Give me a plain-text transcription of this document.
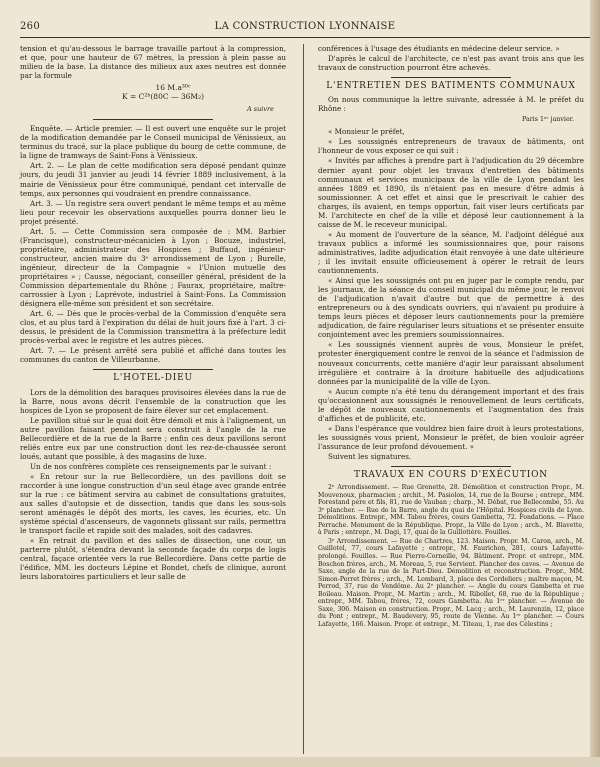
260	LA CONSTRUCTION LYONNAISE

tension et qu'au-dessous le barrage travaille partout à la compression, et que, pour une hauteur de 67 mètres, la pression à plein passe au milieu de la base. La distance des milieux aux axes neutres est donnée par la formule

16 M.a³⁰ᶜ
K = C²ᵇ(80C — 36M₂)
A suivre

Enquête. — Article premier. — Il est ouvert une enquête sur le projet de la modification demandée par le Conseil municipal de Vénissieux, au terminus du tracé, sur la place publique du bourg de cette commune, de la ligne de tramways de Saint-Fons à Vénissieux.

Art. 2. — Le plan de cette modification sera déposé pendant quinze jours, du jeudi 31 janvier au jeudi 14 février 1889 inclusivement, à la mairie de Vénissieux pour être communiqué, pendant cet intervalle de temps, aux personnes qui voudraient en prendre connaissance.

Art. 3. — Un registre sera ouvert pendant le même temps et au même lieu pour recevoir les observations auxquelles pourra donner lieu le projet présenté.

Art. 5. — Cette Commission sera composée de : MM. Barbier (Francisque), constructeur-mécanicien à Lyon ; Bocuze, industriel, propriétaire, administrateur des Hospices ; Buffaud, ingénieur-constructeur, ancien maire du 3ᵉ arrondissement de Lyon ; Burelle, ingénieur, directeur de la Compagnie « l'Union mutuelle des propriétaires » ; Causse, négociant, conseiller général, président de la Commission départementale du Rhône ; Faurax, propriétaire, maître-carrossier à Lyon ; Laprévote, industriel à Saint-Fons. La Commission désignera elle-même son président et son secrétaire.

Art. 6. — Dès que le procès-verbal de la Commission d'enquête sera clos, et au plus tard à l'expiration du délai de huit jours fixé à l'art. 3 ci-dessus, le président de la Commission transmettra à la préfecture ledit procès-verbal avec le registre et les autres pièces.

Art. 7. — Le présent arrêté sera publié et affiché dans toutes les communes du canton de Villeurbanne.

L'HOTEL-DIEU

Lors de la démolition des baraques provisoires élevées dans la rue de la Barre, nous avons décrit l'ensemble de la construction que les hospices de Lyon se proposent de faire élever sur cet emplacement.

Le pavillon situé sur le quai doit être démoli et mis à l'alignement, un autre pavillon faisant pendant sera construit à l'angle de la rue Bellecordière et de la rue de la Barre ; enfin ces deux pavillons seront reliés entre eux par une construction dont les rez-de-chaussée seront loués, autant que possible, à des magasins de luxe.

Un de nos confrères complète ces renseignements par le suivant :

« En retour sur la rue Bellecordière, un des pavillons doit se raccorder à une longue construction d'un seul étage avec grande entrée sur la rue : ce bâtiment servira au cabinet de consultations gratuites, aux salles d'autopsie et de dissection, tandis que dans les sous-sols seront aménagés le dépôt des morts, les caves, les écuries, etc. Un système spécial d'ascenseurs, de vagonnets glissant sur rails, permettra le transport facile et rapide soit des malades, soit des cadavres.

« En retrait du pavillon et des salles de dissection, une cour, un parterre plutôt, s'étendra devant la seconde façade du corps de logis central, façace orientée vers la rue Bellecordière. Dans cette partie de l'édifice, MM. les docteurs Lépine et Bondet, chefs de clinique, auront leurs laboratoires particuliers et leur salle de

conférences à l'usage des étudiants en médecine deleur service. »

D'après le calcul de l'architecte, ce n'est pas avant trois ans que les travaux de construction pourront être achevés.

L'ENTRETIEN DES BATIMENTS COMMUNAUX

On nous communique la lettre suivante, adressée à M. le préfet du Rhône :

Paris 1ᵉʳ janvier.

« Monsieur le préfet,

« Les soussignés entrepreneurs de travaux de bâtiments, ont l'honneur de vous exposer ce qui suit :

« Invités par affiches à prendre part à l'adjudication du 29 décembre dernier ayant pour objet les travaux d'entretien des bâtiments communaux et services municipaux de la ville de Lyon pendant les années 1889 et 1890, ils n'étaient pas en mesure d'être admis à soumissionner. A cet effet et ainsi que le prescrivait le cahier des charges, ils avaient, en temps opportun, fait viser leurs certificats par M. l'architecte en chef de la ville et déposé leur cautionnement à la caisse de M. le receveur municipal.

« Au moment de l'ouverture de la séance, M. l'adjoint délégué aux travaux publics a informé les soumissionnaires que, pour raisons administratives, ladite adjudication était renvoyée à une date ultérieure ; il les invitait ensuite officieusement à opérer le retrait de leurs cautionnements.

« Ainsi que les soussignés ont pu en juger par le compte rendu, par les journaux, de la séance du conseil municipal du même jour, le renvoi de l'adjudication n'avait d'autre but que de permettre à des entrepreneurs ou à des syndicats ouvriers, qui n'avaient pu produire à temps leurs pièces et déposer leurs cautionnements pour la première adjudication, de faire régulariser leurs situations et se présenter ensuite conjointement avec les premiers soumissionnaires.

« Les soussignés viennent auprès de vous, Monsieur le préfet, protester énergiquement contre le renvoi de la séance et l'admission de nouveaux concurrents, cette manière d'agir leur paraissant absolument irrégulière et contraire à la droiture habituelle des adjudications données par la municipalité de la ville de Lyon.

« Aucun compte n'a été tenu du dérangement important et des frais qu'occasionnent aux soussignés le renouvellement de leurs certificats, le dépôt de nouveaux cautionnements et l'augmentation des frais d'affiches et de publicité, etc.

« Dans l'espérance que vouldrez bien faire droit à leurs protestations, les soussignés vous prient, Monsieur le préfet, de bien vouloir agréer l'assurance de leur profond dévouement. »

Suivent les signatures.

TRAVAUX EN COURS D'EXÉCUTION

2ᵉ Arrondissement. — Rue Grenette, 28. Démolition et construction Propr., M. Mouvenoux, pharmacien ; archit., M. Pasiolon, 14, rue de la Bourse ; entrepr., MM. Forestand père et fils, 81, rue de Vauban ; charp., M. Débat, rue Bellecombe, 55. Au 3ᵉ plancher. — Rue de la Barre, angle du quai de l'Hôpital. Hospices civils de Lyon. Démolitions. Entrepr., MM. Tabou frères, cours Gambetta, 72. Fondations. — Place Perrache. Monument de la République. Propr., la Ville de Lyon ; arch., M. Blavette, à Paris ; entrepr., M. Dagi, 17, quai de la Guillotière. Fouilles.

3ᵉ Arrondissement. — Rue de Chartres, 123. Maison. Propr. M. Caron, arch., M. Guillotel, 77, cours Lafayette ; entrepr., M. Faurichon, 281, cours Lafayette-prolongé. Fouilles. — Rue Pierre-Corneille, 94. Bâtiment. Propr. et entrepr., MM. Boschon frères, arch., M. Moreau, 5, rue Servient. Plancher des caves. — Avenue de Saxe, angle de la rue de la Part-Dieu. Démolition et reconstruction. Propr., MM. Simon-Perret frères ; arch., M. Lombard, 3, place des Cordeliers ; maître maçon, M. Perrod, 37, rue de Vendôme. Au 2ᵉ plancher. — Angle du cours Gambetta et rue Boileau. Maison. Propr., M. Martin ; arch., M. Ribollet, 68, rue de la République ; entrepr., MM. Tabou, frères, 72, cours Gambetta. Au 1ᵉʳ plancher. — Avenue de Saxe, 306. Maison en construction. Propr., M. Lacq ; arch., M. Laurenzin, 12, place du Pont ; entrepr., M. Baudevery, 95, route de Vienne. Au 1ᵉʳ plancher. — Cours Lafayette, 166. Maison. Propr. et entrepr., M. Titeau, 1, rue des Célestins ;
